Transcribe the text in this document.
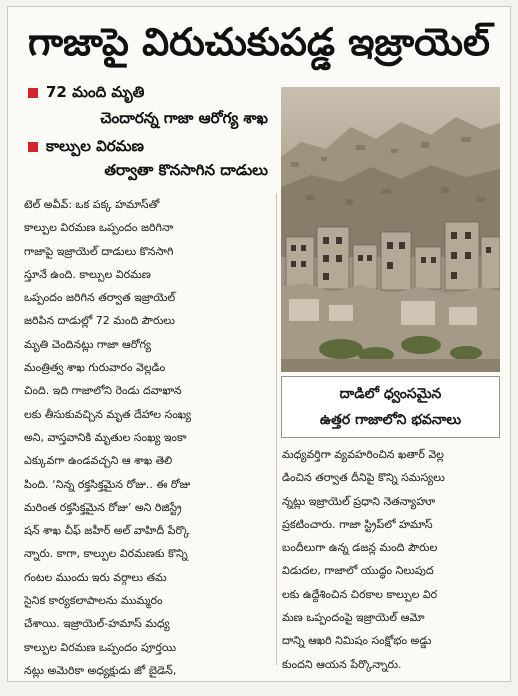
గాజాపై విరుచుకుపడ్డ ఇజ్రాయెల్
72 మంది మృతి
చెందారన్న గాజా ఆరోగ్య శాఖ
కాల్పుల విరమణ
తర్వాతా కొనసాగిన దాడులు
దాడిలో ధ్వంసమైన
ఉత్తర గాజాలోని భవనాలు

టెల్ అవీవ్: ఒక పక్క హమాస్‌తో

కాల్పుల విరమణ ఒప్పందం జరిగినా

గాజాపై ఇజ్రాయెల్ దాడులు కొనసాగి

స్తూనే ఉంది. కాల్పుల విరమణ

ఒప్పందం జరిగిన తర్వాత ఇజ్రాయెల్

జరిపిన దాడుల్లో 72 మంది పౌరులు

మృతి చెందినట్లు గాజా ఆరోగ్య

మంత్రిత్వ శాఖ గురువారం వెల్లడిం

చింది. ఇది గాజాలోని రెండు దవాఖాన

లకు తీసుకువచ్చిన మృత దేహాల సంఖ్య

అని, వాస్తవానికి మృతుల సంఖ్య ఇంకా

ఎక్కువగా ఉండవచ్చని ఆ శాఖ తెలి

పింది. ‘నిన్న రక్తసిక్తమైన రోజు.. ఈ రోజు

మరింత రక్తసిక్తమైన రోజు’ అని రిజిస్ట్రే

షన్ శాఖ చీఫ్ జహీర్ అల్ వాహిదీ పేర్కొ

న్నారు. కాగా, కాల్పుల విరమణకు కొన్ని

గంటల ముందు ఇరు వర్గాలు తమ

సైనిక కార్యకలాపాలను ముమ్మరం

చేశాయి. ఇజ్రాయెల్-హమాస్ మధ్య

కాల్పుల విరమణ ఒప్పందం పూర్తయి

నట్లు అమెరికా అధ్యక్షుడు జో బైడెన్,

మధ్యవర్తిగా వ్యవహరించిన ఖతార్ వెల్ల

డించిన తర్వాత దీనిపై కొన్ని సమస్యలు

న్నట్లు ఇజ్రాయెల్ ప్రధాని నెతన్యాహూ

ప్రకటించారు. గాజా స్ట్రిప్‌లో హమాస్

బందీలుగా ఉన్న డజన్ల మంది పౌరుల

విడుదల, గాజాలో యుద్ధం నిలుపుద

లకు ఉద్దేశించిన చిరకాల కాల్పుల విర

మణ ఒప్పందంపై ఇజ్రాయెల్ ఆమో

దాన్ని ఆఖరి నిమిషం సంక్షోభం అడ్డు

కుందని ఆయన పేర్కొన్నారు.
